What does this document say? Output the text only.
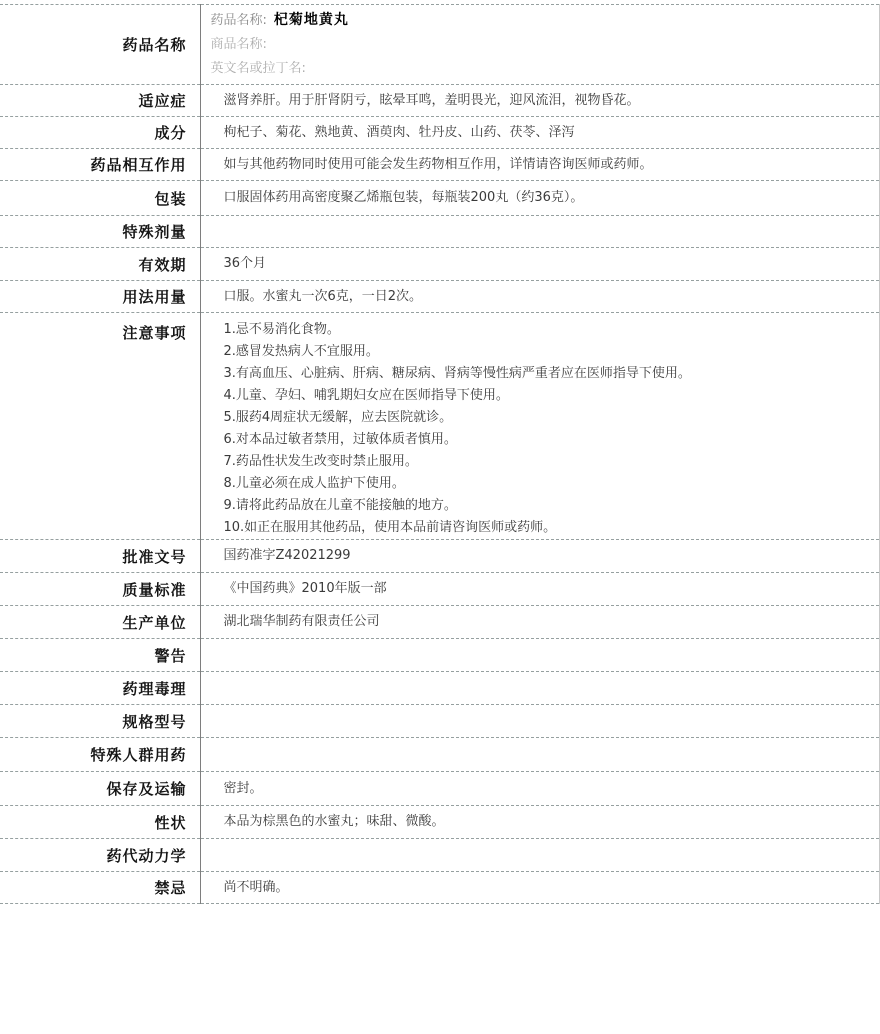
药品名称	药品名称: 杞菊地黄丸
商品名称:
英文名或拉丁名:

适应症	滋肾养肝。用于肝肾阴亏，眩晕耳鸣，羞明畏光，迎风流泪，视物昏花。
成分	枸杞子、菊花、熟地黄、酒萸肉、牡丹皮、山药、茯苓、泽泻
药品相互作用	如与其他药物同时使用可能会发生药物相互作用，详情请咨询医师或药师。
包装	口服固体药用高密度聚乙烯瓶包装，每瓶装200丸（约36克）。
特殊剂量	
有效期	36个月
用法用量	口服。水蜜丸一次6克，一日2次。
注意事项	1.忌不易消化食物。
2.感冒发热病人不宜服用。
3.有高血压、心脏病、肝病、糖尿病、肾病等慢性病严重者应在医师指导下使用。
4.儿童、孕妇、哺乳期妇女应在医师指导下使用。
5.服药4周症状无缓解，应去医院就诊。
6.对本品过敏者禁用，过敏体质者慎用。
7.药品性状发生改变时禁止服用。
8.儿童必须在成人监护下使用。
9.请将此药品放在儿童不能接触的地方。
10.如正在服用其他药品，使用本品前请咨询医师或药师。

批准文号	国药准字Z42021299
质量标准	《中国药典》2010年版一部
生产单位	湖北瑞华制药有限责任公司
警告	
药理毒理	
规格型号	
特殊人群用药	
保存及运输	密封。
性状	本品为棕黑色的水蜜丸；味甜、微酸。
药代动力学	
禁忌	尚不明确。
